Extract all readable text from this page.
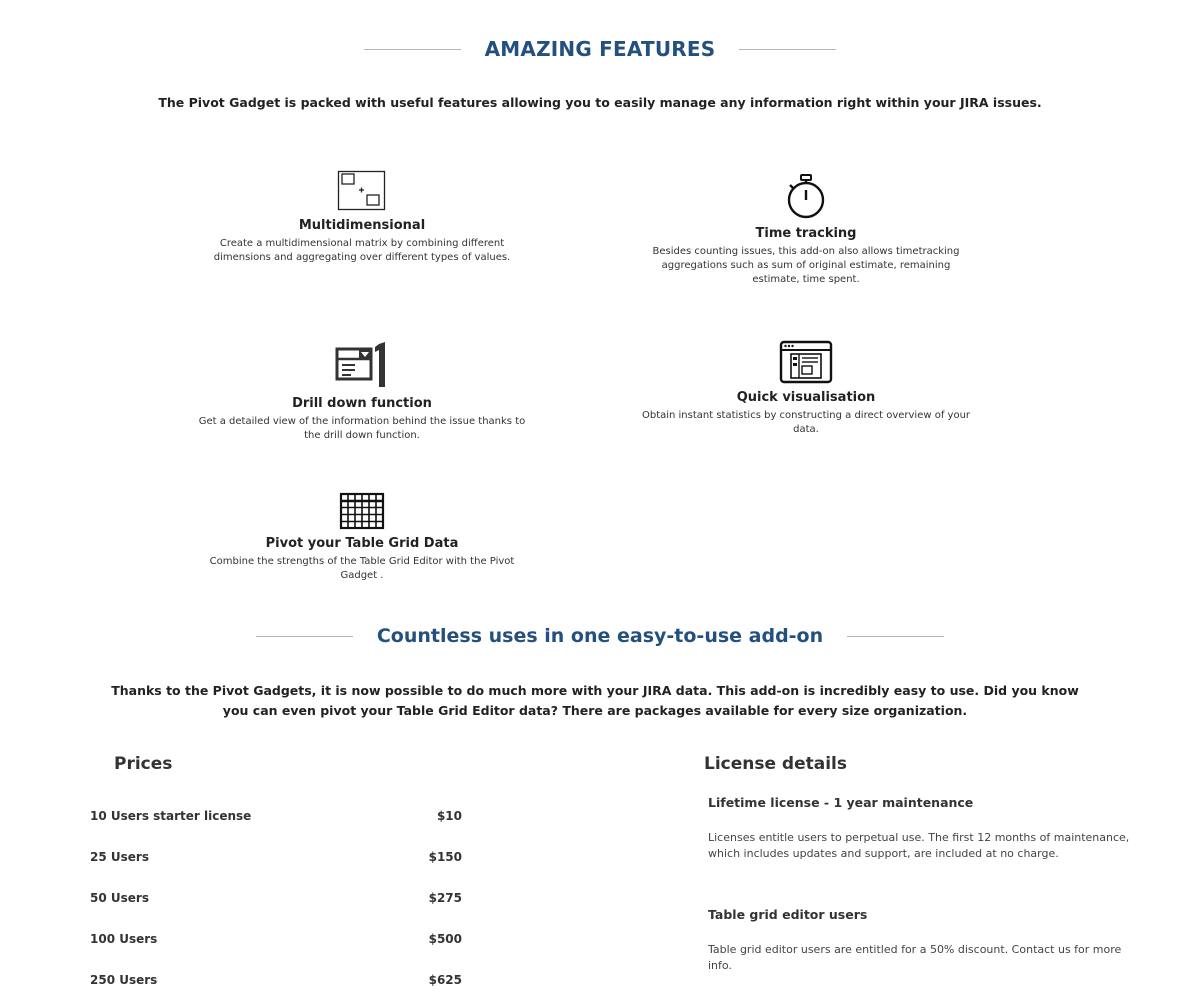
AMAZING FEATURES
The Pivot Gadget is packed with useful features allowing you to easily manage any information right within your JIRA issues.
Multidimensional
Create a multidimensional matrix by combining different dimensions and aggregating over different types of values.
Time tracking
Besides counting issues, this add-on also allows timetracking aggregations such as sum of original estimate, remaining estimate, time spent.
Drill down function
Get a detailed view of the information behind the issue thanks to the drill down function.
Quick visualisation
Obtain instant statistics by constructing a direct overview of your data.
Pivot your Table Grid Data
Combine the strengths of the Table Grid Editor with the Pivot Gadget .
Countless uses in one easy-to-use add-on
Thanks to the Pivot Gadgets, it is now possible to do much more with your JIRA data. This add-on is incredibly easy to use. Did you know you can even pivot your Table Grid Editor data? There are packages available for every size organization.
Prices
10 Users starter license	$10
25 Users	$150
50 Users	$275
100 Users	$500
250 Users	$625
License details
Lifetime license - 1 year maintenance
Licenses entitle users to perpetual use. The first 12 months of maintenance, which includes updates and support, are included at no charge.
Table grid editor users
Table grid editor users are entitled for a 50% discount. Contact us for more info.
